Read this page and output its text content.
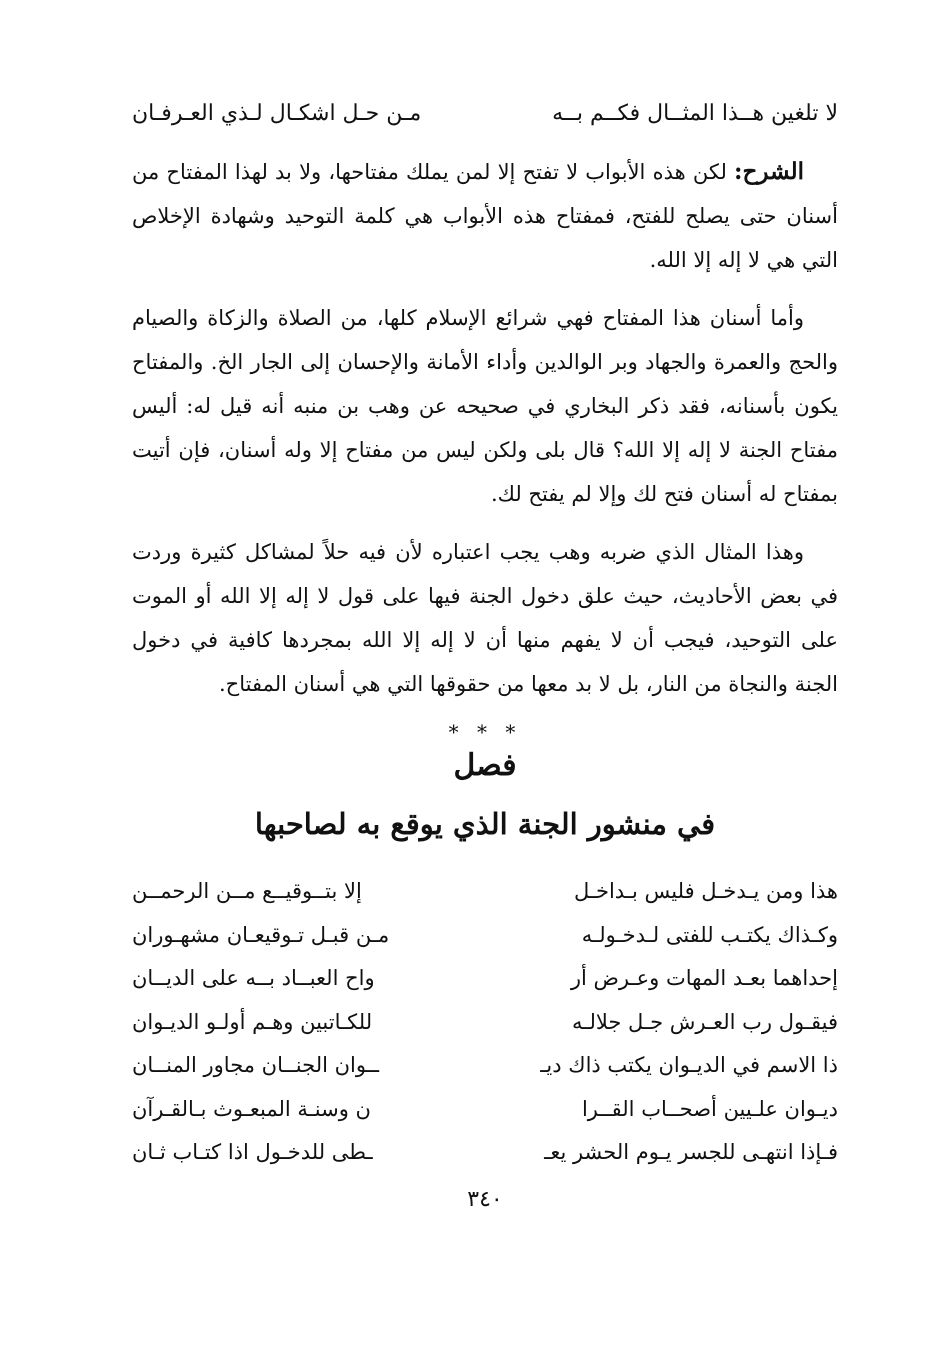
لا تلغين هــذا المثــال فكــم بــه
مـن حـل اشكـال لـذي العـرفـان

الشرح: لكن هذه الأبواب لا تفتح إلا لمن يملك مفتاحها، ولا بد لهذا المفتاح من أسنان حتى يصلح للفتح، فمفتاح هذه الأبواب هي كلمة التوحيد وشهادة الإخلاص التي هي لا إله إلا الله.

وأما أسنان هذا المفتاح فهي شرائع الإسلام كلها، من الصلاة والزكاة والصيام والحج والعمرة والجهاد وبر الوالدين وأداء الأمانة والإحسان إلى الجار الخ. والمفتاح يكون بأسنانه، فقد ذكر البخاري في صحيحه عن وهب بن منبه أنه قيل له: أليس مفتاح الجنة لا إله إلا الله؟ قال بلى ولكن ليس من مفتاح إلا وله أسنان، فإن أتيت بمفتاح له أسنان فتح لك وإلا لم يفتح لك.

وهذا المثال الذي ضربه وهب يجب اعتباره لأن فيه حلاً لمشاكل كثيرة وردت في بعض الأحاديث، حيث علق دخول الجنة فيها على قول لا إله إلا الله أو الموت على التوحيد، فيجب أن لا يفهم منها أن لا إله إلا الله بمجردها كافية في دخول الجنة والنجاة من النار، بل لا بد معها من حقوقها التي هي أسنان المفتاح.

* * *
فصل
في منشور الجنة الذي يوقع به لصاحبها
هذا ومن يـدخـل فليس بـداخـل
إلا بتــوقيــع مــن الرحمــن
وكـذاك يكتـب للفتى لـدخـولـه
مـن قبـل تـوقيعـان مشهـوران
إحداهما بعـد المهات وعـرض أر
واح العبــاد بــه على الديــان
فيقـول رب العـرش جـل جلالـه
للكـاتبين وهـم أولـو الديـوان
ذا الاسم في الديـوان يكتب ذاك ديـ
ــوان الجنــان مجاور المنــان
ديـوان علـيين أصحــاب القــرا
ن وسنـة المبعـوث بـالقـرآن
فـإذا انتهـى للجسر يـوم الحشر يعـ
ـطى للدخـول اذا كتـاب ثـان
٣٤٠
